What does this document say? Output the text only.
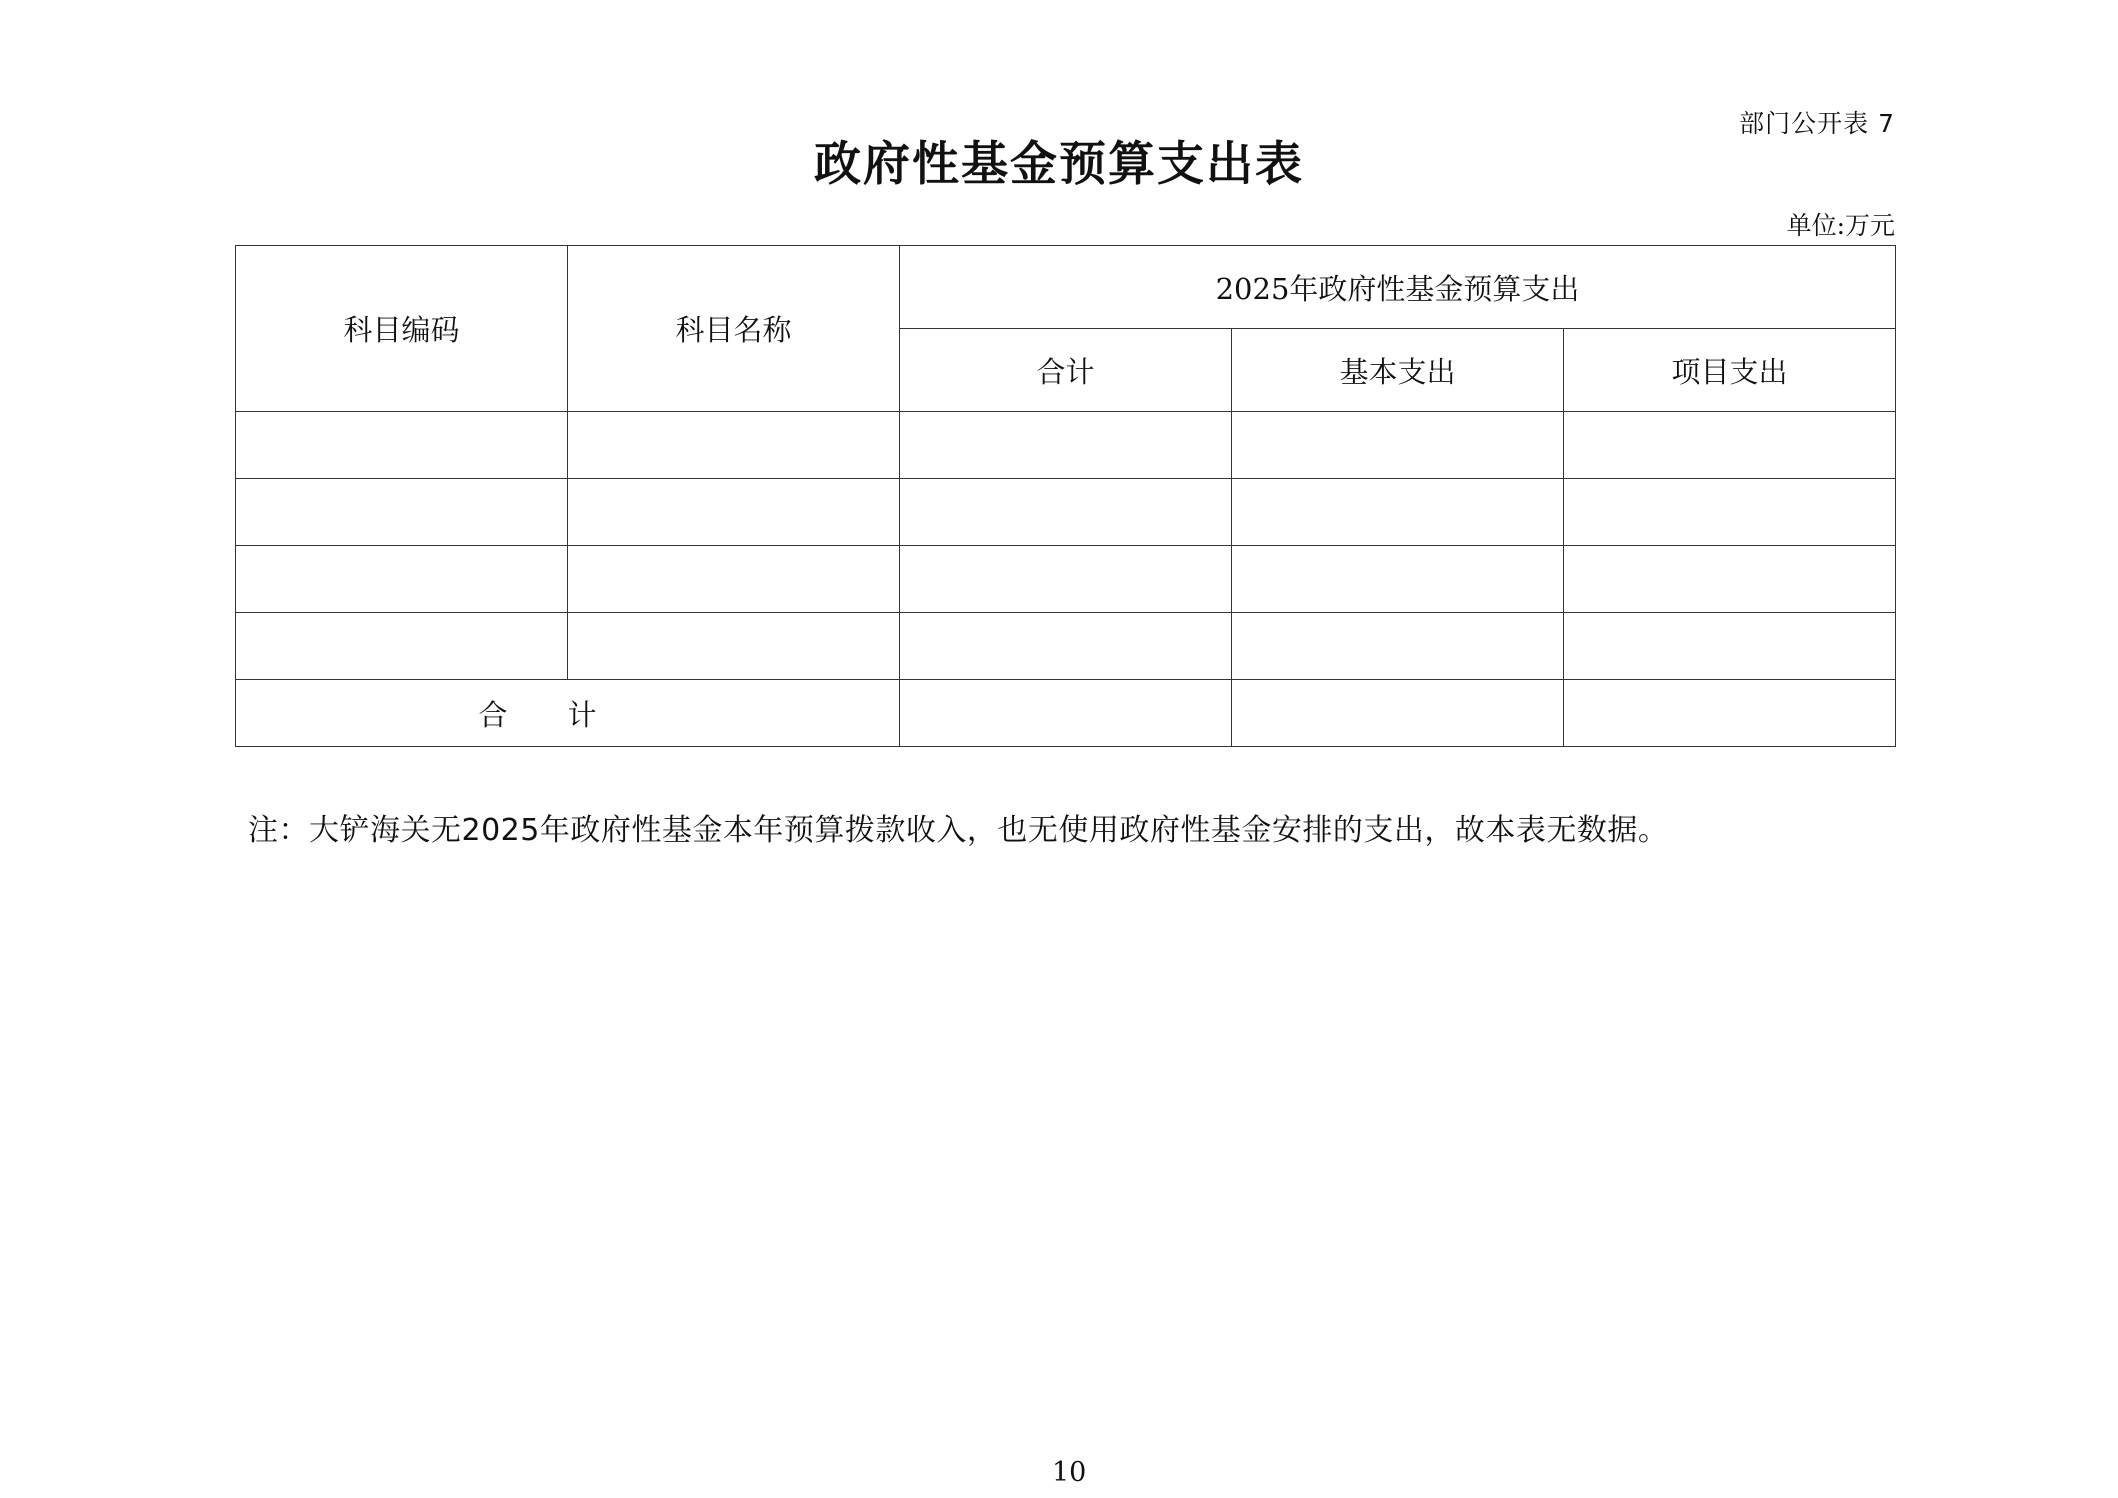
部门公开表 7
政府性基金预算支出表
单位:万元
科目编码	科目名称	2025年政府性基金预算支出		
		合计	基本支出	项目支出

合计				
注：大铲海关无2025年政府性基金本年预算拨款收入，也无使用政府性基金安排的支出，故本表无数据。
10
